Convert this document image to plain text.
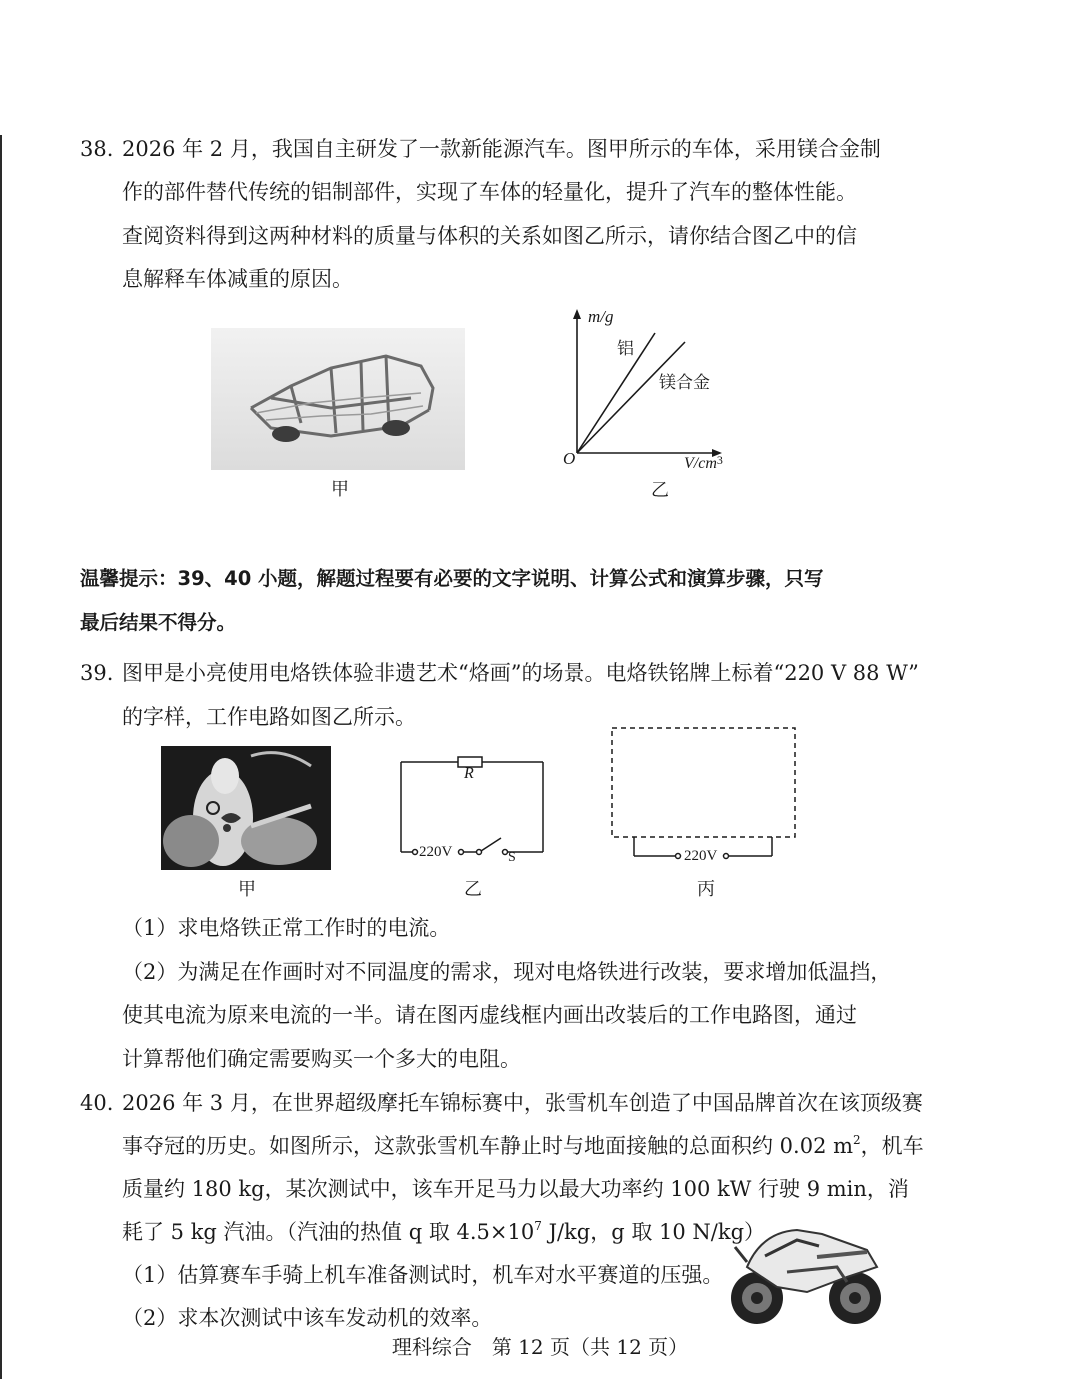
38. 2026 年 2 月，我国自主研发了一款新能源汽车。图甲所示的车体，采用镁合金制
作的部件替代传统的铝制部件，实现了车体的轻量化，提升了汽车的整体性能。
查阅资料得到这两种材料的质量与体积的关系如图乙所示，请你结合图乙中的信
息解释车体减重的原因。
甲
m/g
铝
镁合金
O	$V/cm^3$
乙
温馨提示：39、40 小题，解题过程要有必要的文字说明、计算公式和演算步骤，只写
最后结果不得分。
39. 图甲是小亮使用电烙铁体验非遗艺术“烙画”的场景。电烙铁铭牌上标着“220 V 88 W”
的字样，工作电路如图乙所示。
甲
R
220V	S
乙
220V
丙
（1）求电烙铁正常工作时的电流。
（2）为满足在作画时对不同温度的需求，现对电烙铁进行改装，要求增加低温挡，
使其电流为原来电流的一半。请在图丙虚线框内画出改装后的工作电路图，通过
计算帮他们确定需要购买一个多大的电阻。
40. 2026 年 3 月，在世界超级摩托车锦标赛中，张雪机车创造了中国品牌首次在该顶级赛
事夺冠的历史。如图所示，这款张雪机车静止时与地面接触的总面积约 0.02 $m^2$，机车
质量约 180 kg，某次测试中，该车开足马力以最大功率约 100 kW 行驶 9 min，消
耗了 5 kg 汽油。（汽油的热值 q 取 $4.5\times 10^7$ J/kg，g 取 10 N/kg）
（1）估算赛车手骑上机车准备测试时，机车对水平赛道的压强。
（2）求本次测试中该车发动机的效率。
理科综合　第 12 页（共 12 页）
